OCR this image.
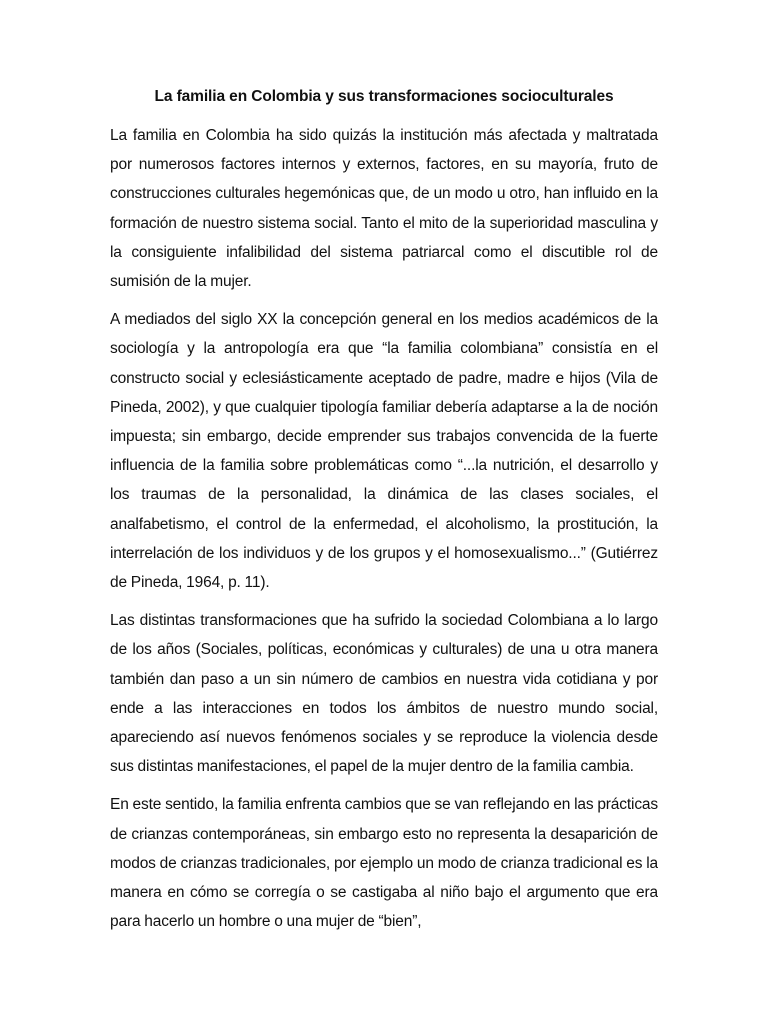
La familia en Colombia y sus transformaciones socioculturales

La familia en Colombia ha sido quizás la institución más afectada y maltratada por numerosos factores internos y externos, factores, en su mayoría, fruto de construcciones culturales hegemónicas que, de un modo u otro, han influido en la formación de nuestro sistema social. Tanto el mito de la superioridad masculina y la consiguiente infalibilidad del sistema patriarcal como el discutible rol de sumisión de la mujer.

A mediados del siglo XX la concepción general en los medios académicos de la sociología y la antropología era que “la familia colombiana” consistía en el constructo social y eclesiásticamente aceptado de padre, madre e hijos (Vila de Pineda, 2002), y que cualquier tipología familiar debería adaptarse a la de noción impuesta; sin embargo, decide emprender sus trabajos convencida de la fuerte influencia de la familia sobre problemáticas como “...la nutrición, el desarrollo y los traumas de la personalidad, la dinámica de las clases sociales, el analfabetismo, el control de la enfermedad, el alcoholismo, la prostitución, la interrelación de los individuos y de los grupos y el homosexualismo...” (Gutiérrez de Pineda, 1964, p. 11).

Las distintas transformaciones que ha sufrido la sociedad Colombiana a lo largo de los años (Sociales, políticas, económicas y culturales) de una u otra manera también dan paso a un sin número de cambios en nuestra vida cotidiana y por ende a las interacciones en todos los ámbitos de nuestro mundo social, apareciendo así nuevos fenómenos sociales y se reproduce la violencia desde sus distintas manifestaciones, el papel de la mujer dentro de la familia cambia.

En este sentido, la familia enfrenta cambios que se van reflejando en las prácticas de crianzas contemporáneas, sin embargo esto no representa la desaparición de modos de crianzas tradicionales, por ejemplo un modo de crianza tradicional es la manera en cómo se corregía o se castigaba al niño bajo el argumento que era para hacerlo un hombre o una mujer de “bien”,
